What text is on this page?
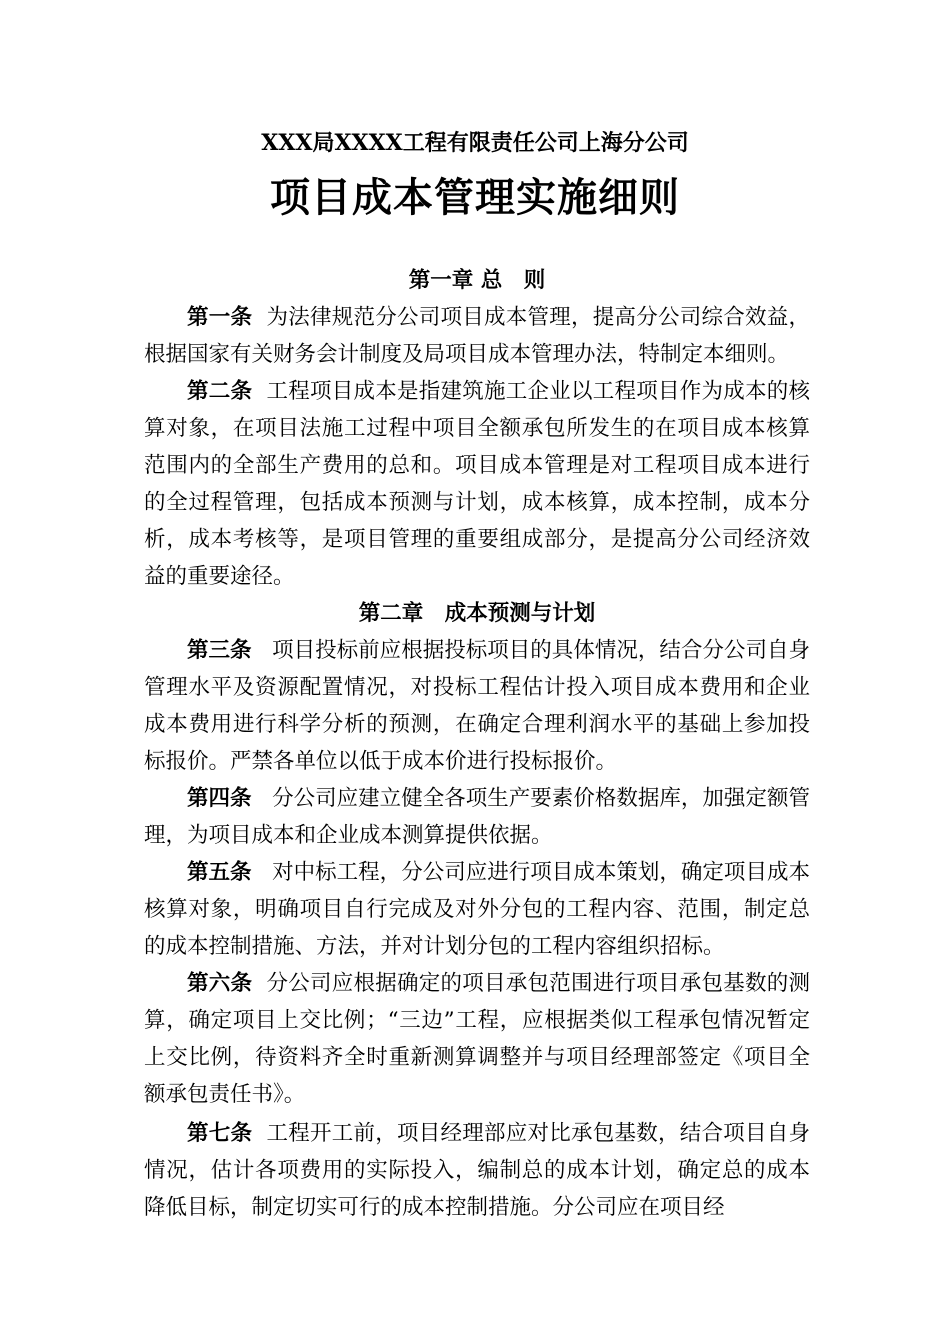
XXX局XXXX工程有限责任公司上海分公司
项目成本管理实施细则

第一章 总　则

第一条 为法律规范分公司项目成本管理，提高分公司综合效益，根据国家有关财务会计制度及局项目成本管理办法，特制定本细则。

第二条 工程项目成本是指建筑施工企业以工程项目作为成本的核算对象，在项目法施工过程中项目全额承包所发生的在项目成本核算范围内的全部生产费用的总和。项目成本管理是对工程项目成本进行的全过程管理，包括成本预测与计划，成本核算，成本控制，成本分析，成本考核等，是项目管理的重要组成部分，是提高分公司经济效益的重要途径。

第二章　成本预测与计划

第三条 项目投标前应根据投标项目的具体情况，结合分公司自身管理水平及资源配置情况，对投标工程估计投入项目成本费用和企业成本费用进行科学分析的预测，在确定合理利润水平的基础上参加投标报价。严禁各单位以低于成本价进行投标报价。

第四条 分公司应建立健全各项生产要素价格数据库，加强定额管理，为项目成本和企业成本测算提供依据。

第五条 对中标工程，分公司应进行项目成本策划，确定项目成本核算对象，明确项目自行完成及对外分包的工程内容、范围，制定总的成本控制措施、方法，并对计划分包的工程内容组织招标。

第六条 分公司应根据确定的项目承包范围进行项目承包基数的测算，确定项目上交比例；“三边”工程，应根据类似工程承包情况暂定上交比例，待资料齐全时重新测算调整并与项目经理部签定《项目全额承包责任书》。

第七条 工程开工前，项目经理部应对比承包基数，结合项目自身情况，估计各项费用的实际投入，编制总的成本计划，确定总的成本降低目标，制定切实可行的成本控制措施。分公司应在项目经
